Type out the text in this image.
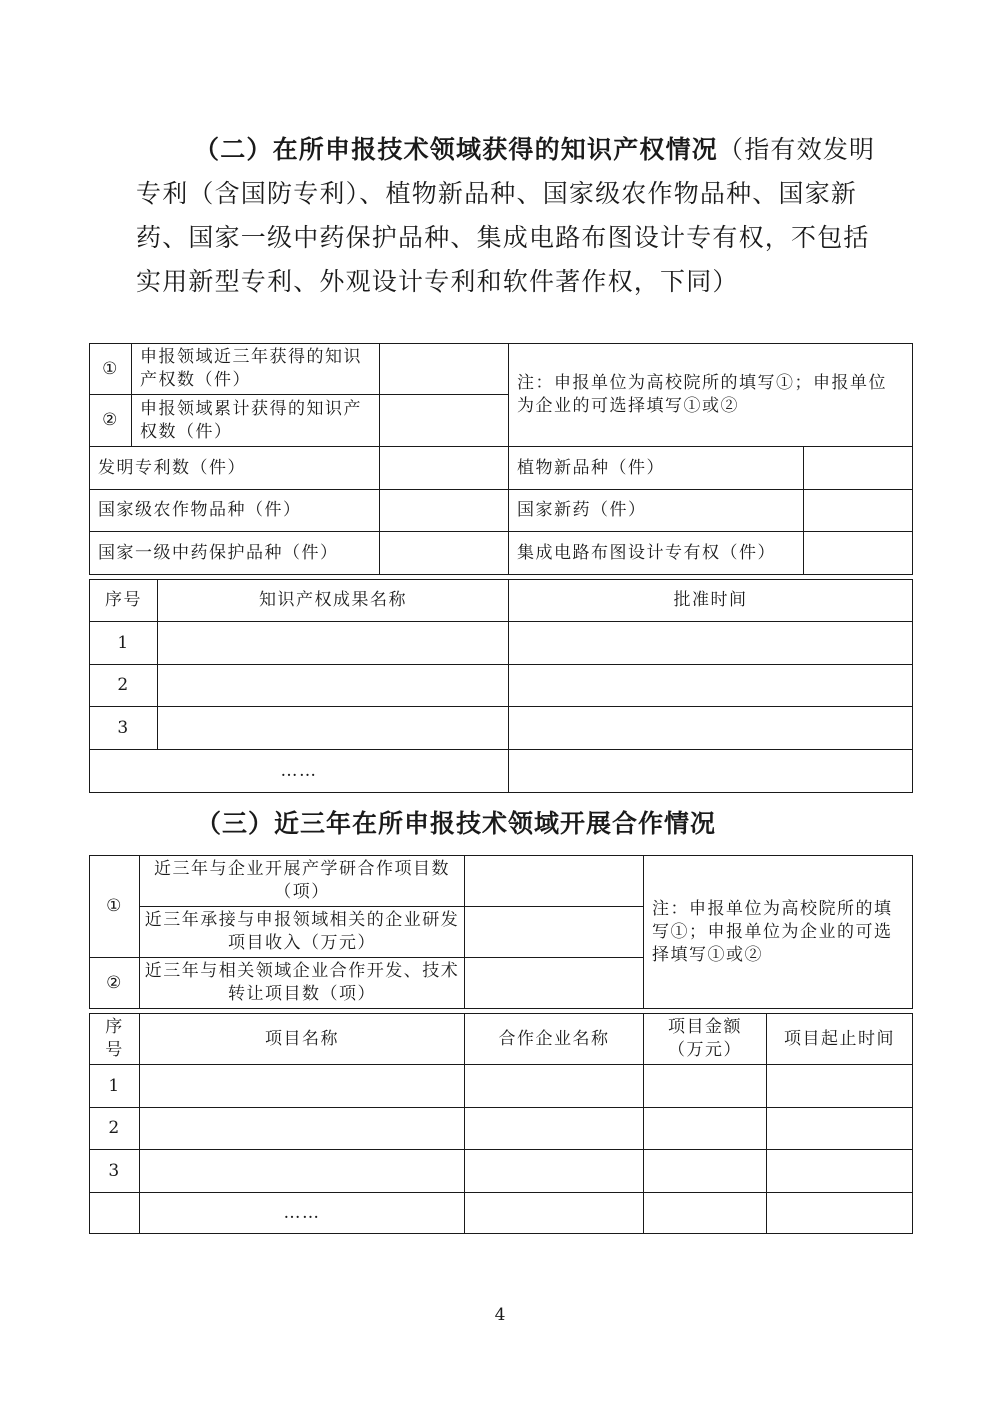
（二）在所申报技术领域获得的知识产权情况（指有效发明专利（含国防专利）、植物新品种、国家级农作物品种、国家新药、国家一级中药保护品种、集成电路布图设计专有权，不包括实用新型专利、外观设计专利和软件著作权，下同）
①	申报领域近三年获得的知识产权数（件）			注：申报单位为高校院所的填写①；申报单位为企业的可选择填写①或②	
②	申报领域累计获得的知识产权数（件）				
发明专利数（件）				植物新品种（件）	
国家级农作物品种（件）				国家新药（件）	
国家一级中药保护品种（件）				集成电路布图设计专有权（件）	

序号		知识产权成果名称		批准时间	
1					
2					
3					
……					
（三）近三年在所申报技术领域开展合作情况
①	近三年与企业开展产学研合作项目数（项）		注：申报单位为高校院所的填写①；申报单位为企业的可选择填写①或②	
	近三年承接与申报领域相关的企业研发项目收入（万元）			
②	近三年与相关领域企业合作开发、技术转让项目数（项）			

序号	项目名称	合作企业名称	项目金额（万元）	项目起止时间
1				
2				
3				
	……			
4
